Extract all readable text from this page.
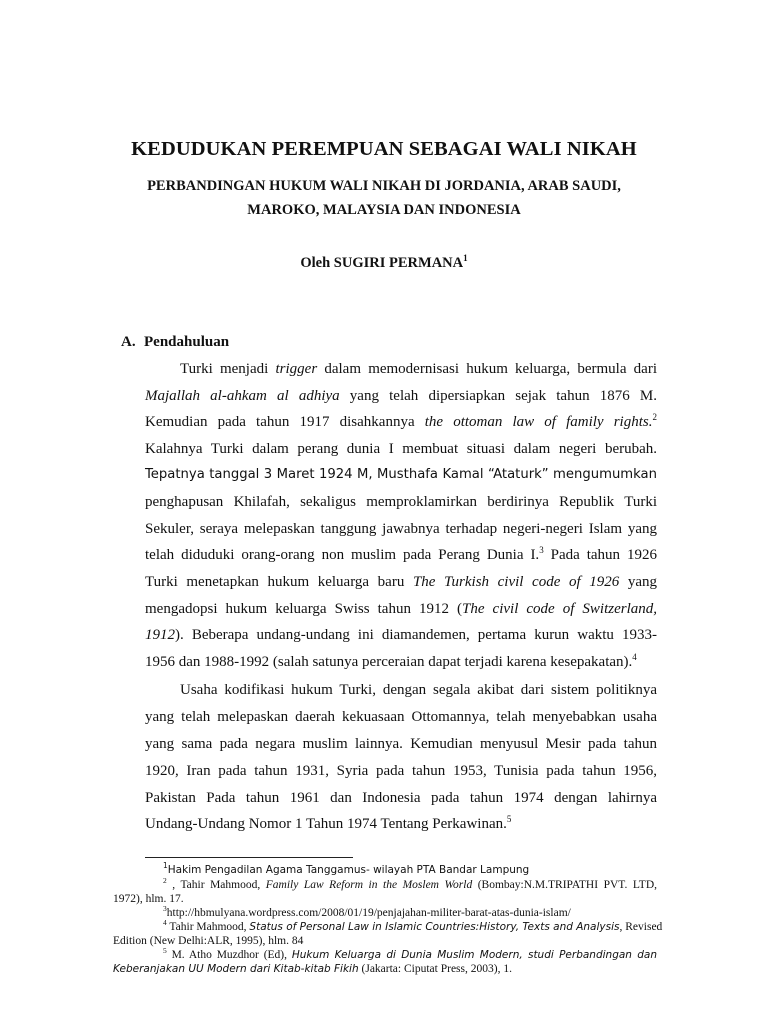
KEDUDUKAN PEREMPUAN SEBAGAI WALI NIKAH
PERBANDINGAN HUKUM WALI NIKAH DI JORDANIA, ARAB SAUDI,
MAROKO, MALAYSIA DAN INDONESIA
Oleh SUGIRI PERMANA$^1$
A. Pendahuluan
Turki menjadi trigger dalam memodernisasi hukum keluarga, bermula dari
Majallah al-ahkam al adhiya yang telah dipersiapkan sejak tahun 1876 M.
Kemudian pada tahun 1917 disahkannya the ottoman law of family rights.$^2$
Kalahnya Turki dalam perang dunia I membuat situasi dalam negeri berubah.
Tepatnya tanggal 3 Maret 1924 M, Musthafa Kamal “Ataturk” mengumumkan
penghapusan Khilafah, sekaligus memproklamirkan berdirinya Republik Turki
Sekuler, seraya melepaskan tanggung jawabnya terhadap negeri-negeri Islam yang
telah diduduki orang-orang non muslim pada Perang Dunia I.$^3$ Pada tahun 1926
Turki menetapkan hukum keluarga baru The Turkish civil code of 1926 yang
mengadopsi hukum keluarga Swiss tahun 1912 (The civil code of Switzerland,
1912). Beberapa undang-undang ini diamandemen, pertama kurun waktu 1933-
1956 dan 1988-1992 (salah satunya perceraian dapat terjadi karena kesepakatan).$^4$
Usaha kodifikasi hukum Turki, dengan segala akibat dari sistem politiknya
yang telah melepaskan daerah kekuasaan Ottomannya, telah menyebabkan usaha
yang sama pada negara muslim lainnya. Kemudian menyusul Mesir pada tahun
1920, Iran pada tahun 1931, Syria pada tahun 1953, Tunisia pada tahun 1956,
Pakistan Pada tahun 1961 dan Indonesia pada tahun 1974 dengan lahirnya
Undang-Undang Nomor 1 Tahun 1974 Tentang Perkawinan.$^5$
$^1$Hakim Pengadilan Agama Tanggamus- wilayah PTA Bandar Lampung
$^2$ , Tahir Mahmood, Family Law Reform in the Moslem World (Bombay:N.M.TRIPATHI PVT. LTD,
1972), hlm. 17.
$^3$http://hbmulyana.wordpress.com/2008/01/19/penjajahan-militer-barat-atas-dunia-islam/
$^4$ Tahir Mahmood, Status of Personal Law in Islamic Countries:History, Texts and Analysis, Revised
Edition (New Delhi:ALR, 1995), hlm. 84
$^5$ M. Atho Muzdhor (Ed), Hukum Keluarga di Dunia Muslim Modern, studi Perbandingan dan
Keberanjakan UU Modern dari Kitab-kitab Fikih (Jakarta: Ciputat Press, 2003), 1.
